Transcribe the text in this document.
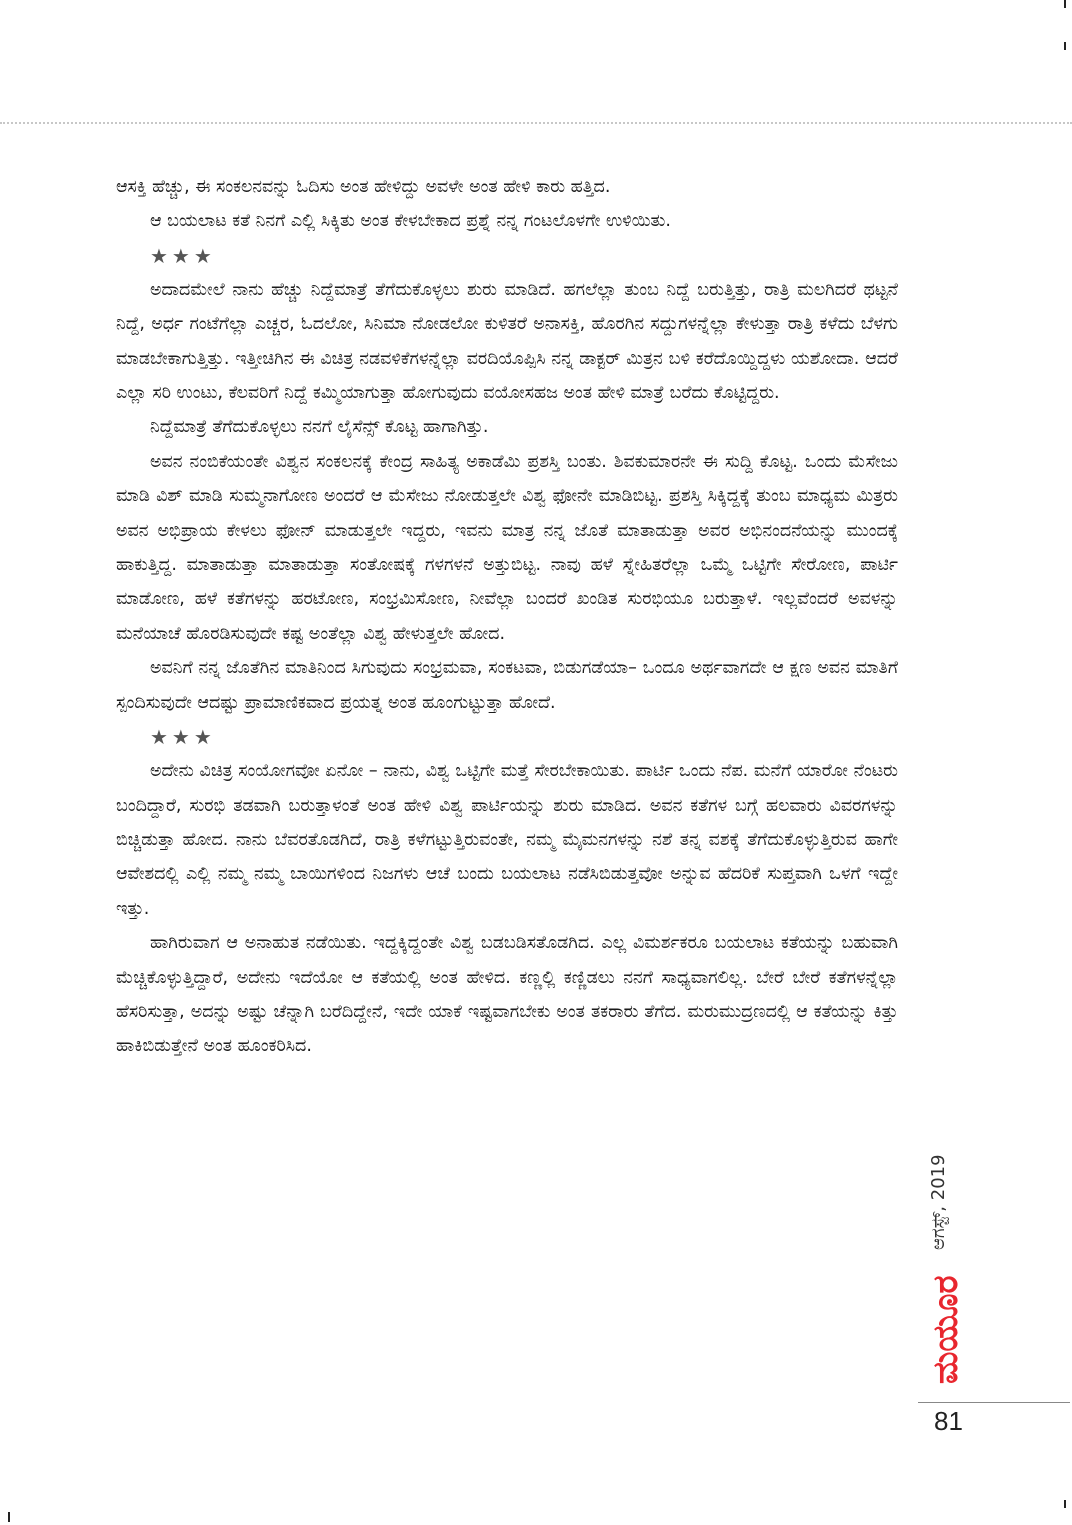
ಆಸಕ್ತಿ ಹೆಚ್ಚು, ಈ ಸಂಕಲನವನ್ನು ಓದಿಸು ಅಂತ ಹೇಳಿದ್ದು ಅವಳೇ ಅಂತ ಹೇಳಿ ಕಾರು ಹತ್ತಿದ.

ಆ ಬಯಲಾಟ ಕತೆ ನಿನಗೆ ಎಲ್ಲಿ ಸಿಕ್ಕಿತು ಅಂತ ಕೇಳಬೇಕಾದ ಪ್ರಶ್ನೆ ನನ್ನ ಗಂಟಲೊಳಗೇ ಉಳಿಯಿತು.

★★★

ಅದಾದಮೇಲೆ ನಾನು ಹೆಚ್ಚು ನಿದ್ದೆಮಾತ್ರೆ ತೆಗೆದುಕೊಳ್ಳಲು ಶುರು ಮಾಡಿದೆ. ಹಗಲೆಲ್ಲಾ ತುಂಬ ನಿದ್ದೆ ಬರುತ್ತಿತ್ತು, ರಾತ್ರಿ ಮಲಗಿದರೆ ಥಟ್ಟನೆ ನಿದ್ದೆ, ಅರ್ಧ ಗಂಟೆಗೆಲ್ಲಾ ಎಚ್ಚರ, ಓದಲೋ, ಸಿನಿಮಾ ನೋಡಲೋ ಕುಳಿತರೆ ಅನಾಸಕ್ತಿ, ಹೊರಗಿನ ಸದ್ದುಗಳನ್ನೆಲ್ಲಾ ಕೇಳುತ್ತಾ ರಾತ್ರಿ ಕಳೆದು ಬೆಳಗು ಮಾಡಬೇಕಾಗುತ್ತಿತ್ತು. ಇತ್ತೀಚಿಗಿನ ಈ ವಿಚಿತ್ರ ನಡವಳಿಕೆಗಳನ್ನೆಲ್ಲಾ ವರದಿಯೊಪ್ಪಿಸಿ ನನ್ನ ಡಾಕ್ಟರ್ ಮಿತ್ರನ ಬಳಿ ಕರೆದೊಯ್ದಿದ್ದಳು ಯಶೋದಾ. ಆದರೆ ಎಲ್ಲಾ ಸರಿ ಉಂಟು, ಕೆಲವರಿಗೆ ನಿದ್ದೆ ಕಮ್ಮಿಯಾಗುತ್ತಾ ಹೋಗುವುದು ವಯೋಸಹಜ ಅಂತ ಹೇಳಿ ಮಾತ್ರೆ ಬರೆದು ಕೊಟ್ಟಿದ್ದರು.

ನಿದ್ದೆಮಾತ್ರೆ ತೆಗೆದುಕೊಳ್ಳಲು ನನಗೆ ಲೈಸೆನ್ಸ್ ಕೊಟ್ಟ ಹಾಗಾಗಿತ್ತು.

ಅವನ ನಂಬಿಕೆಯಂತೇ ವಿಶ್ವನ ಸಂಕಲನಕ್ಕೆ ಕೇಂದ್ರ ಸಾಹಿತ್ಯ ಅಕಾಡೆಮಿ ಪ್ರಶಸ್ತಿ ಬಂತು. ಶಿವಕುಮಾರನೇ ಈ ಸುದ್ದಿ ಕೊಟ್ಟ. ಒಂದು ಮೆಸೇಜು ಮಾಡಿ ವಿಶ್ ಮಾಡಿ ಸುಮ್ಮನಾಗೋಣ ಅಂದರೆ ಆ ಮೆಸೇಜು ನೋಡುತ್ತಲೇ ವಿಶ್ವ ಫೋನೇ ಮಾಡಿಬಿಟ್ಟ. ಪ್ರಶಸ್ತಿ ಸಿಕ್ಕಿದ್ದಕ್ಕೆ ತುಂಬ ಮಾಧ್ಯಮ ಮಿತ್ರರು ಅವನ ಅಭಿಪ್ರಾಯ ಕೇಳಲು ಫೋನ್ ಮಾಡುತ್ತಲೇ ಇದ್ದರು, ಇವನು ಮಾತ್ರ ನನ್ನ ಜೊತೆ ಮಾತಾಡುತ್ತಾ ಅವರ ಅಭಿನಂದನೆಯನ್ನು ಮುಂದಕ್ಕೆ ಹಾಕುತ್ತಿದ್ದ. ಮಾತಾಡುತ್ತಾ ಮಾತಾಡುತ್ತಾ ಸಂತೋಷಕ್ಕೆ ಗಳಗಳನೆ ಅತ್ತುಬಿಟ್ಟ. ನಾವು ಹಳೆ ಸ್ನೇಹಿತರೆಲ್ಲಾ ಒಮ್ಮೆ ಒಟ್ಟಿಗೇ ಸೇರೋಣ, ಪಾರ್ಟಿ ಮಾಡೋಣ, ಹಳೆ ಕತೆಗಳನ್ನು ಹರಟೋಣ, ಸಂಭ್ರಮಿಸೋಣ, ನೀವೆಲ್ಲಾ ಬಂದರೆ ಖಂಡಿತ ಸುರಭಿಯೂ ಬರುತ್ತಾಳೆ. ಇಲ್ಲವೆಂದರೆ ಅವಳನ್ನು ಮನೆಯಾಚೆ ಹೊರಡಿಸುವುದೇ ಕಷ್ಟ ಅಂತೆಲ್ಲಾ ವಿಶ್ವ ಹೇಳುತ್ತಲೇ ಹೋದ.

ಅವನಿಗೆ ನನ್ನ ಜೊತೆಗಿನ ಮಾತಿನಿಂದ ಸಿಗುವುದು ಸಂಭ್ರಮವಾ, ಸಂಕಟವಾ, ಬಿಡುಗಡೆಯಾ– ಒಂದೂ ಅರ್ಥವಾಗದೇ ಆ ಕ್ಷಣ ಅವನ ಮಾತಿಗೆ ಸ್ಪಂದಿಸುವುದೇ ಆದಷ್ಟು ಪ್ರಾಮಾಣಿಕವಾದ ಪ್ರಯತ್ನ ಅಂತ ಹೂಂಗುಟ್ಟುತ್ತಾ ಹೋದೆ.

★★★

ಅದೇನು ವಿಚಿತ್ರ ಸಂಯೋಗವೋ ಏನೋ – ನಾನು, ವಿಶ್ವ ಒಟ್ಟಿಗೇ ಮತ್ತೆ ಸೇರಬೇಕಾಯಿತು. ಪಾರ್ಟಿ ಒಂದು ನೆಪ. ಮನೆಗೆ ಯಾರೋ ನೆಂಟರು ಬಂದಿದ್ದಾರೆ, ಸುರಭಿ ತಡವಾಗಿ ಬರುತ್ತಾಳಂತೆ ಅಂತ ಹೇಳಿ ವಿಶ್ವ ಪಾರ್ಟಿಯನ್ನು ಶುರು ಮಾಡಿದ. ಅವನ ಕತೆಗಳ ಬಗ್ಗೆ ಹಲವಾರು ವಿವರಗಳನ್ನು ಬಿಚ್ಚಿಡುತ್ತಾ ಹೋದ. ನಾನು ಬೆವರತೊಡಗಿದೆ, ರಾತ್ರಿ ಕಳೆಗಟ್ಟುತ್ತಿರುವಂತೇ, ನಮ್ಮ ಮೈಮನಗಳನ್ನು ನಶೆ ತನ್ನ ವಶಕ್ಕೆ ತೆಗೆದುಕೊಳ್ಳುತ್ತಿರುವ ಹಾಗೇ ಆವೇಶದಲ್ಲಿ ಎಲ್ಲಿ ನಮ್ಮ ನಮ್ಮ ಬಾಯಿಗಳಿಂದ ನಿಜಗಳು ಆಚೆ ಬಂದು ಬಯಲಾಟ ನಡೆಸಿಬಿಡುತ್ತವೋ ಅನ್ನುವ ಹೆದರಿಕೆ ಸುಪ್ತವಾಗಿ ಒಳಗೆ ಇದ್ದೇ ಇತ್ತು.

ಹಾಗಿರುವಾಗ ಆ ಅನಾಹುತ ನಡೆಯಿತು. ಇದ್ದಕ್ಕಿದ್ದಂತೇ ವಿಶ್ವ ಬಡಬಡಿಸತೊಡಗಿದ. ಎಲ್ಲ ವಿಮರ್ಶಕರೂ ಬಯಲಾಟ ಕತೆಯನ್ನು ಬಹುವಾಗಿ ಮೆಚ್ಚಿಕೊಳ್ಳುತ್ತಿದ್ದಾರೆ, ಅದೇನು ಇದೆಯೋ ಆ ಕತೆಯಲ್ಲಿ ಅಂತ ಹೇಳಿದ. ಕಣ್ಣಲ್ಲಿ ಕಣ್ಣಿಡಲು ನನಗೆ ಸಾಧ್ಯವಾಗಲಿಲ್ಲ. ಬೇರೆ ಬೇರೆ ಕತೆಗಳನ್ನೆಲ್ಲಾ ಹೆಸರಿಸುತ್ತಾ, ಅದನ್ನು ಅಷ್ಟು ಚೆನ್ನಾಗಿ ಬರೆದಿದ್ದೇನೆ, ಇದೇ ಯಾಕೆ ಇಷ್ಟವಾಗಬೇಕು ಅಂತ ತಕರಾರು ತೆಗೆದ. ಮರುಮುದ್ರಣದಲ್ಲಿ ಆ ಕತೆಯನ್ನು ಕಿತ್ತು ಹಾಕಿಬಿಡುತ್ತೇನೆ ಅಂತ ಹೂಂಕರಿಸಿದ.

ಆಗಸ್ಟ್, 2019
ಮಯೂರ
81
